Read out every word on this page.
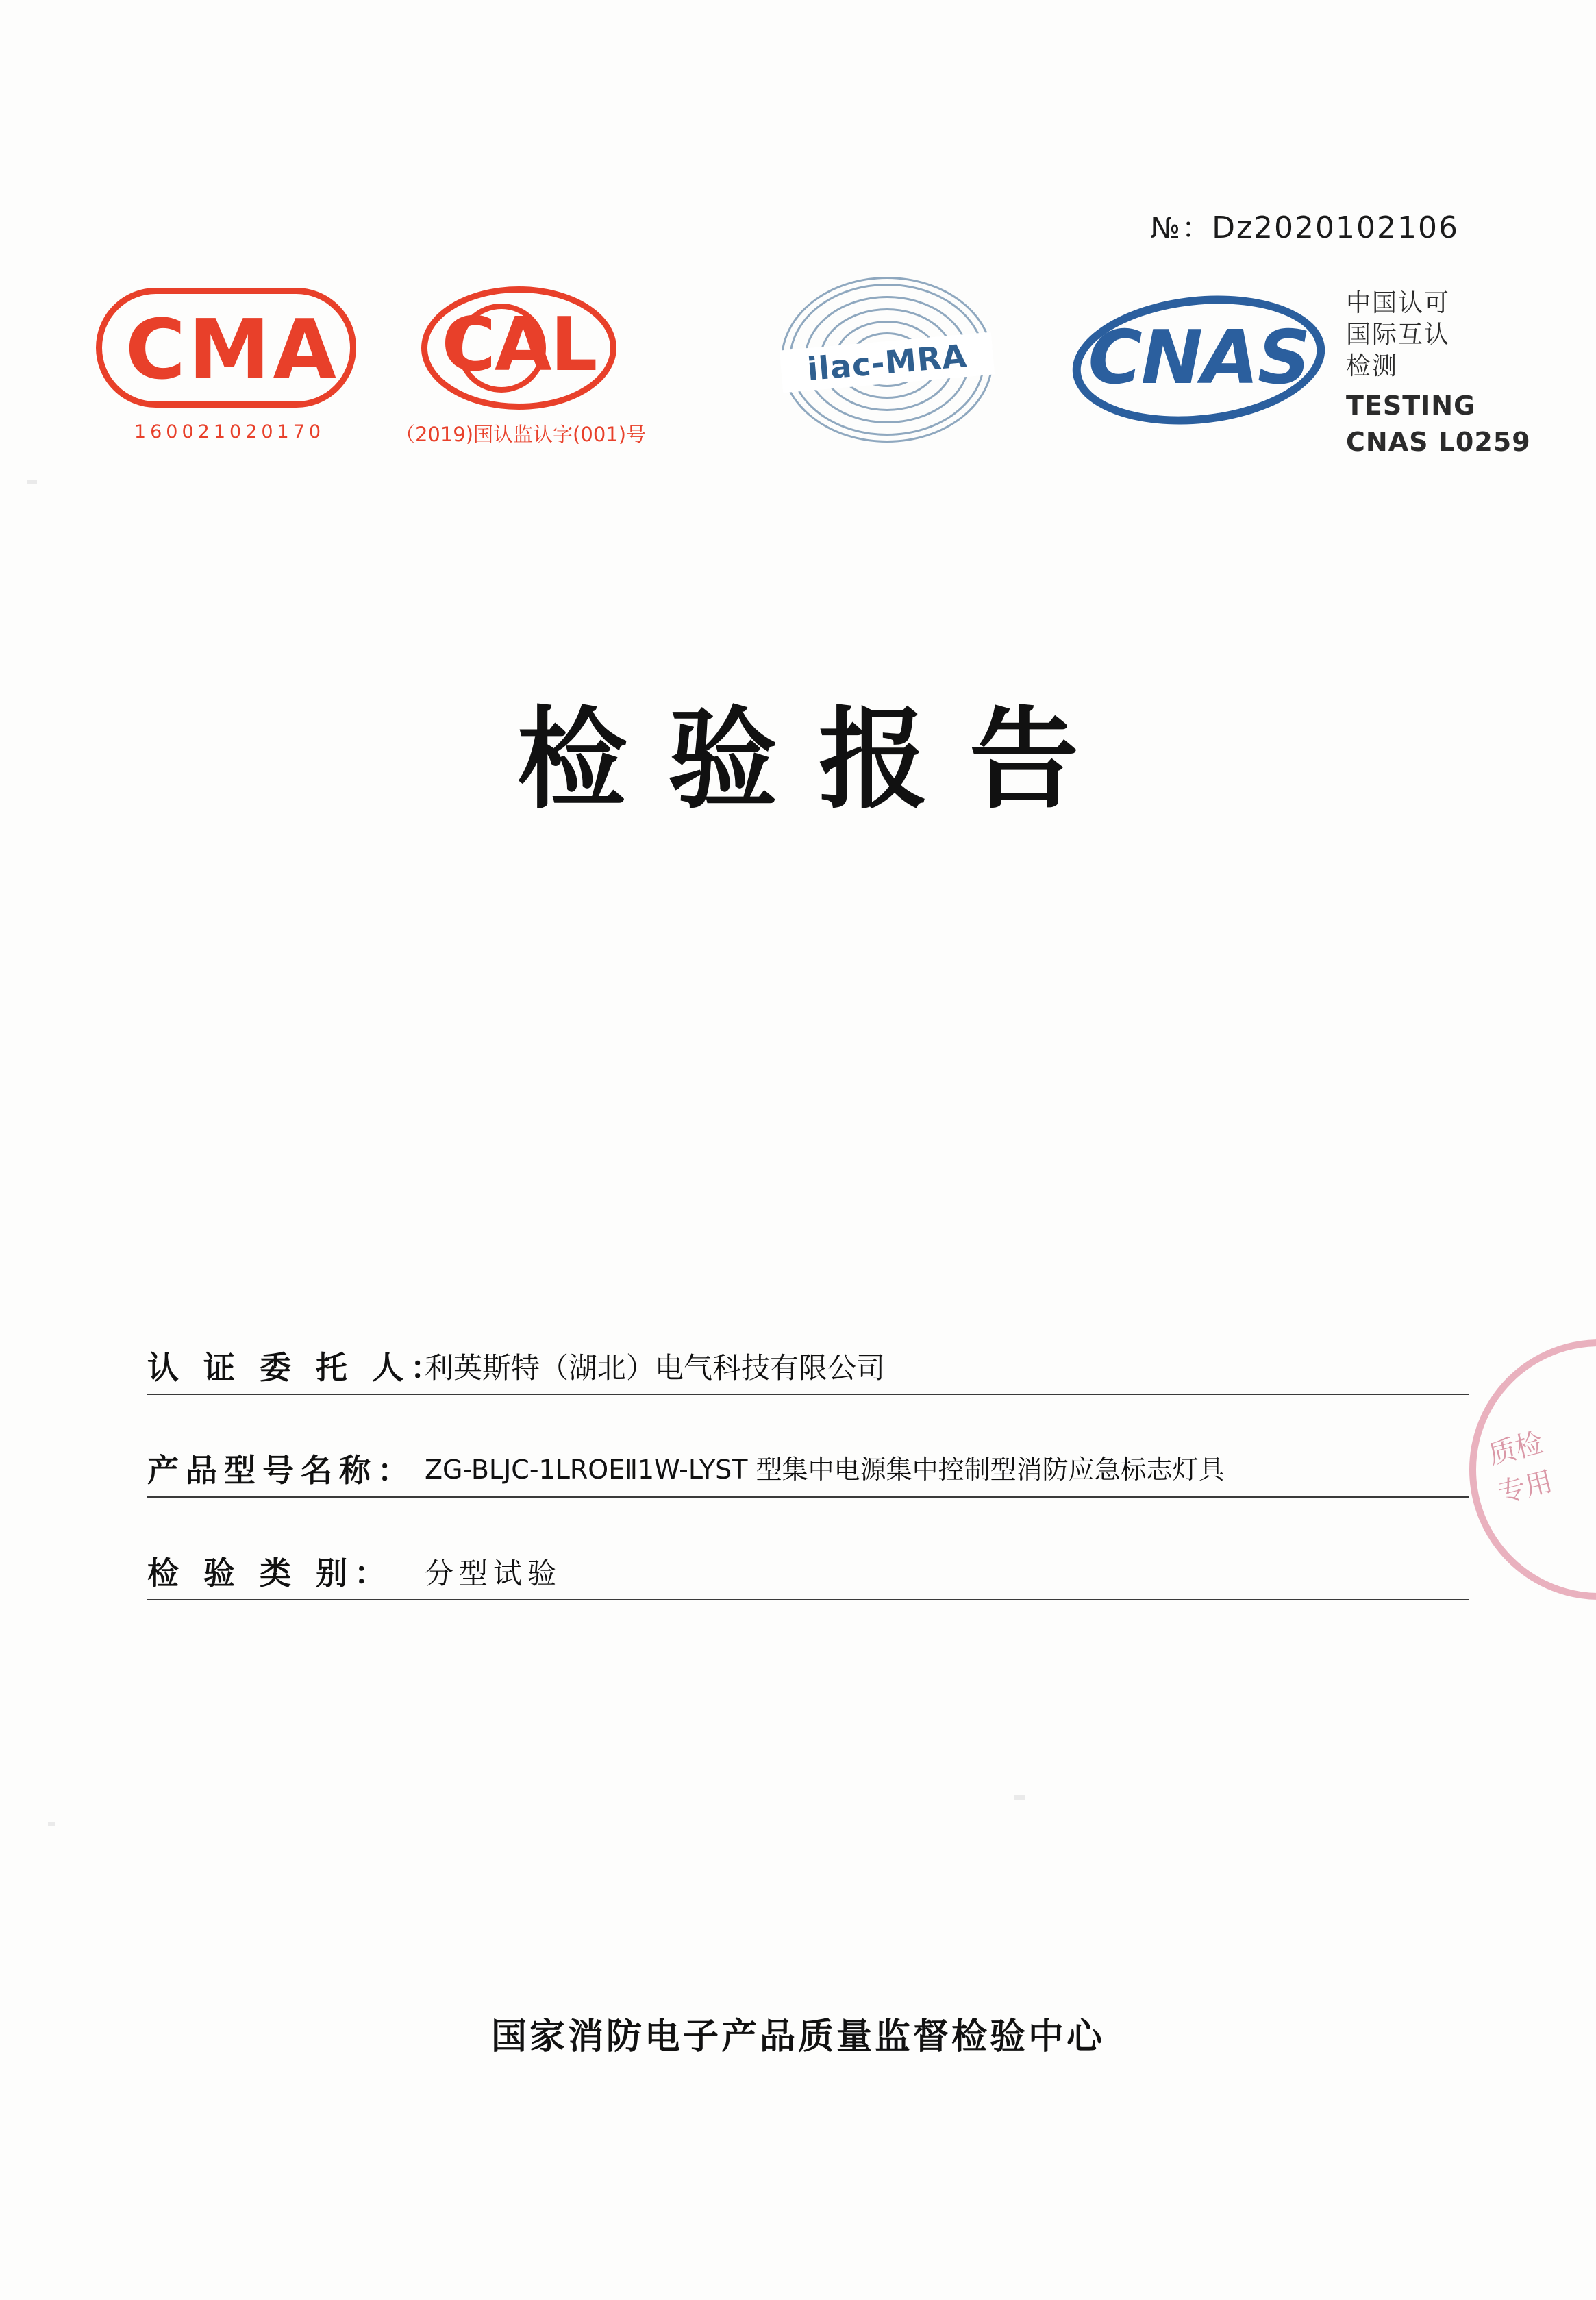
№：Dz2020102106
CMA
160021020170
CAL
（2019)国认监认字(001)号
ilac-MRA	CNAS
中国认可
国际互认
检测
TESTING
CNAS L0259
检验报告
认 证 委 托 人：
利英斯特（湖北）电气科技有限公司
产品型号名称： ZG-BLJC-1LROEⅡ1W-LYST 型集中电源集中控制型消防应急标志灯具
检 验 类 别： 分型试验
质检
专用
国家消防电子产品质量监督检验中心
